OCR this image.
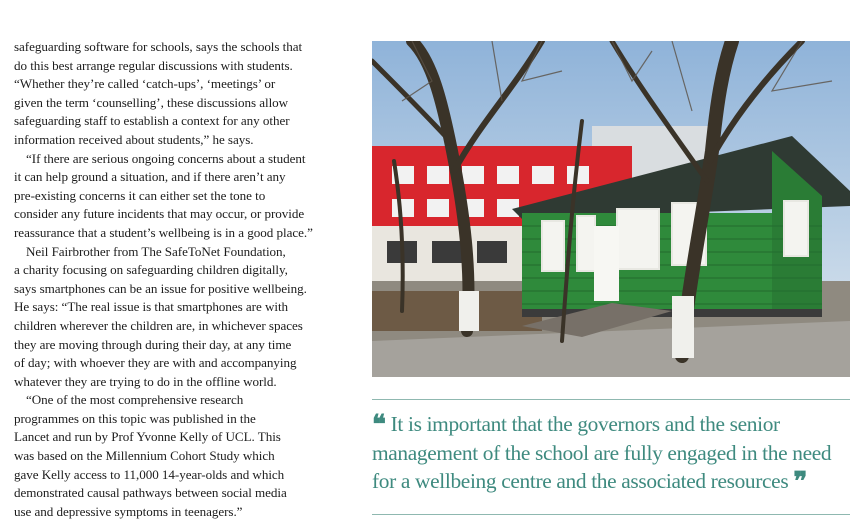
safeguarding software for schools, says the schools that
do this best arrange regular discussions with students.
“Whether they’re called ‘catch-ups’, ‘meetings’ or
given the term ‘counselling’, these discussions allow
safeguarding staff to establish a context for any other
information received about students,” he says.

“If there are serious ongoing concerns about a student
it can help ground a situation, and if there aren’t any
pre-existing concerns it can either set the tone to
consider any future incidents that may occur, or provide
reassurance that a student’s wellbeing is in a good place.”

Neil Fairbrother from The SafeToNet Foundation,
a charity focusing on safeguarding children digitally,
says smartphones can be an issue for positive wellbeing.
He says: “The real issue is that smartphones are with
children wherever the children are, in whichever spaces
they are moving through during their day, at any time
of day; with whoever they are with and accompanying
whatever they are trying to do in the offline world.

“One of the most comprehensive research
programmes on this topic was published in the
Lancet and run by Prof Yvonne Kelly of UCL. This
was based on the Millennium Cohort Study which
gave Kelly access to 11,000 14-year-olds and which
demonstrated causal pathways between social media
use and depressive symptoms in teenagers.”

❝ It is important that the governors and the senior
management of the school are fully engaged in the need
for a wellbeing centre and the associated resources ❞
